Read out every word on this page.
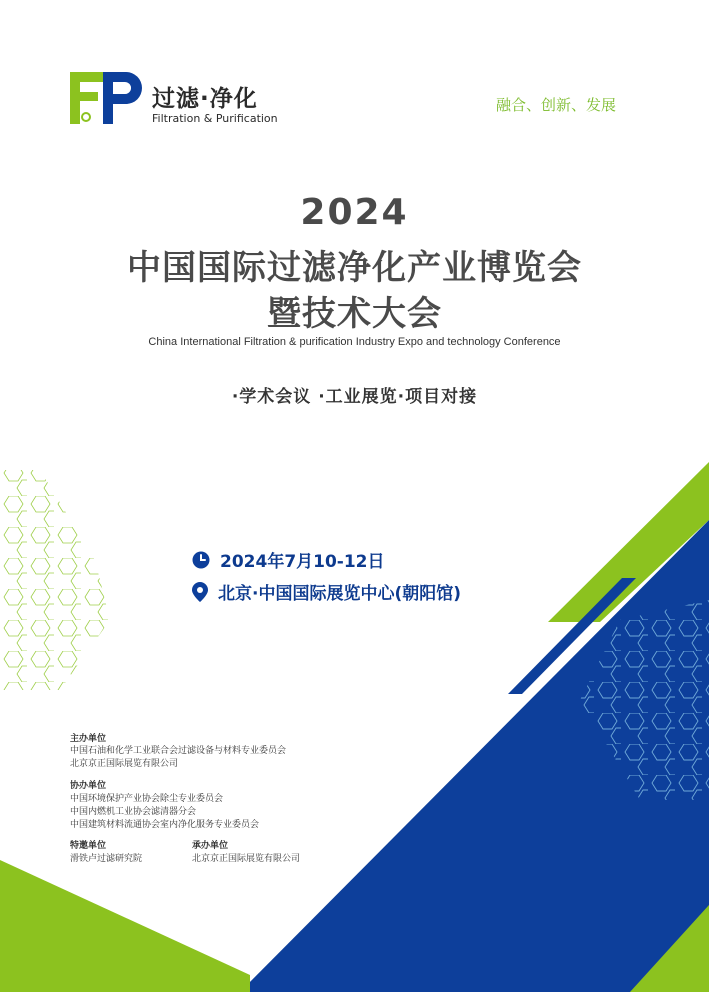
过滤·净化
Filtration & Purification
融合、创新、发展
2024
中国国际过滤净化产业博览会
暨技术大会
China International Filtration & purification Industry Expo and technology Conference
·学术会议 ·工业展览·项目对接
2024年7月10-12日
北京·中国国际展览中心(朝阳馆)
主办单位
中国石油和化学工业联合会过滤设备与材料专业委员会
北京京正国际展览有限公司
协办单位
中国环境保护产业协会除尘专业委员会
中国内燃机工业协会滤清器分会
中国建筑材料流通协会室内净化服务专业委员会
特邀单位
滑铁卢过滤研究院
承办单位
北京京正国际展览有限公司
